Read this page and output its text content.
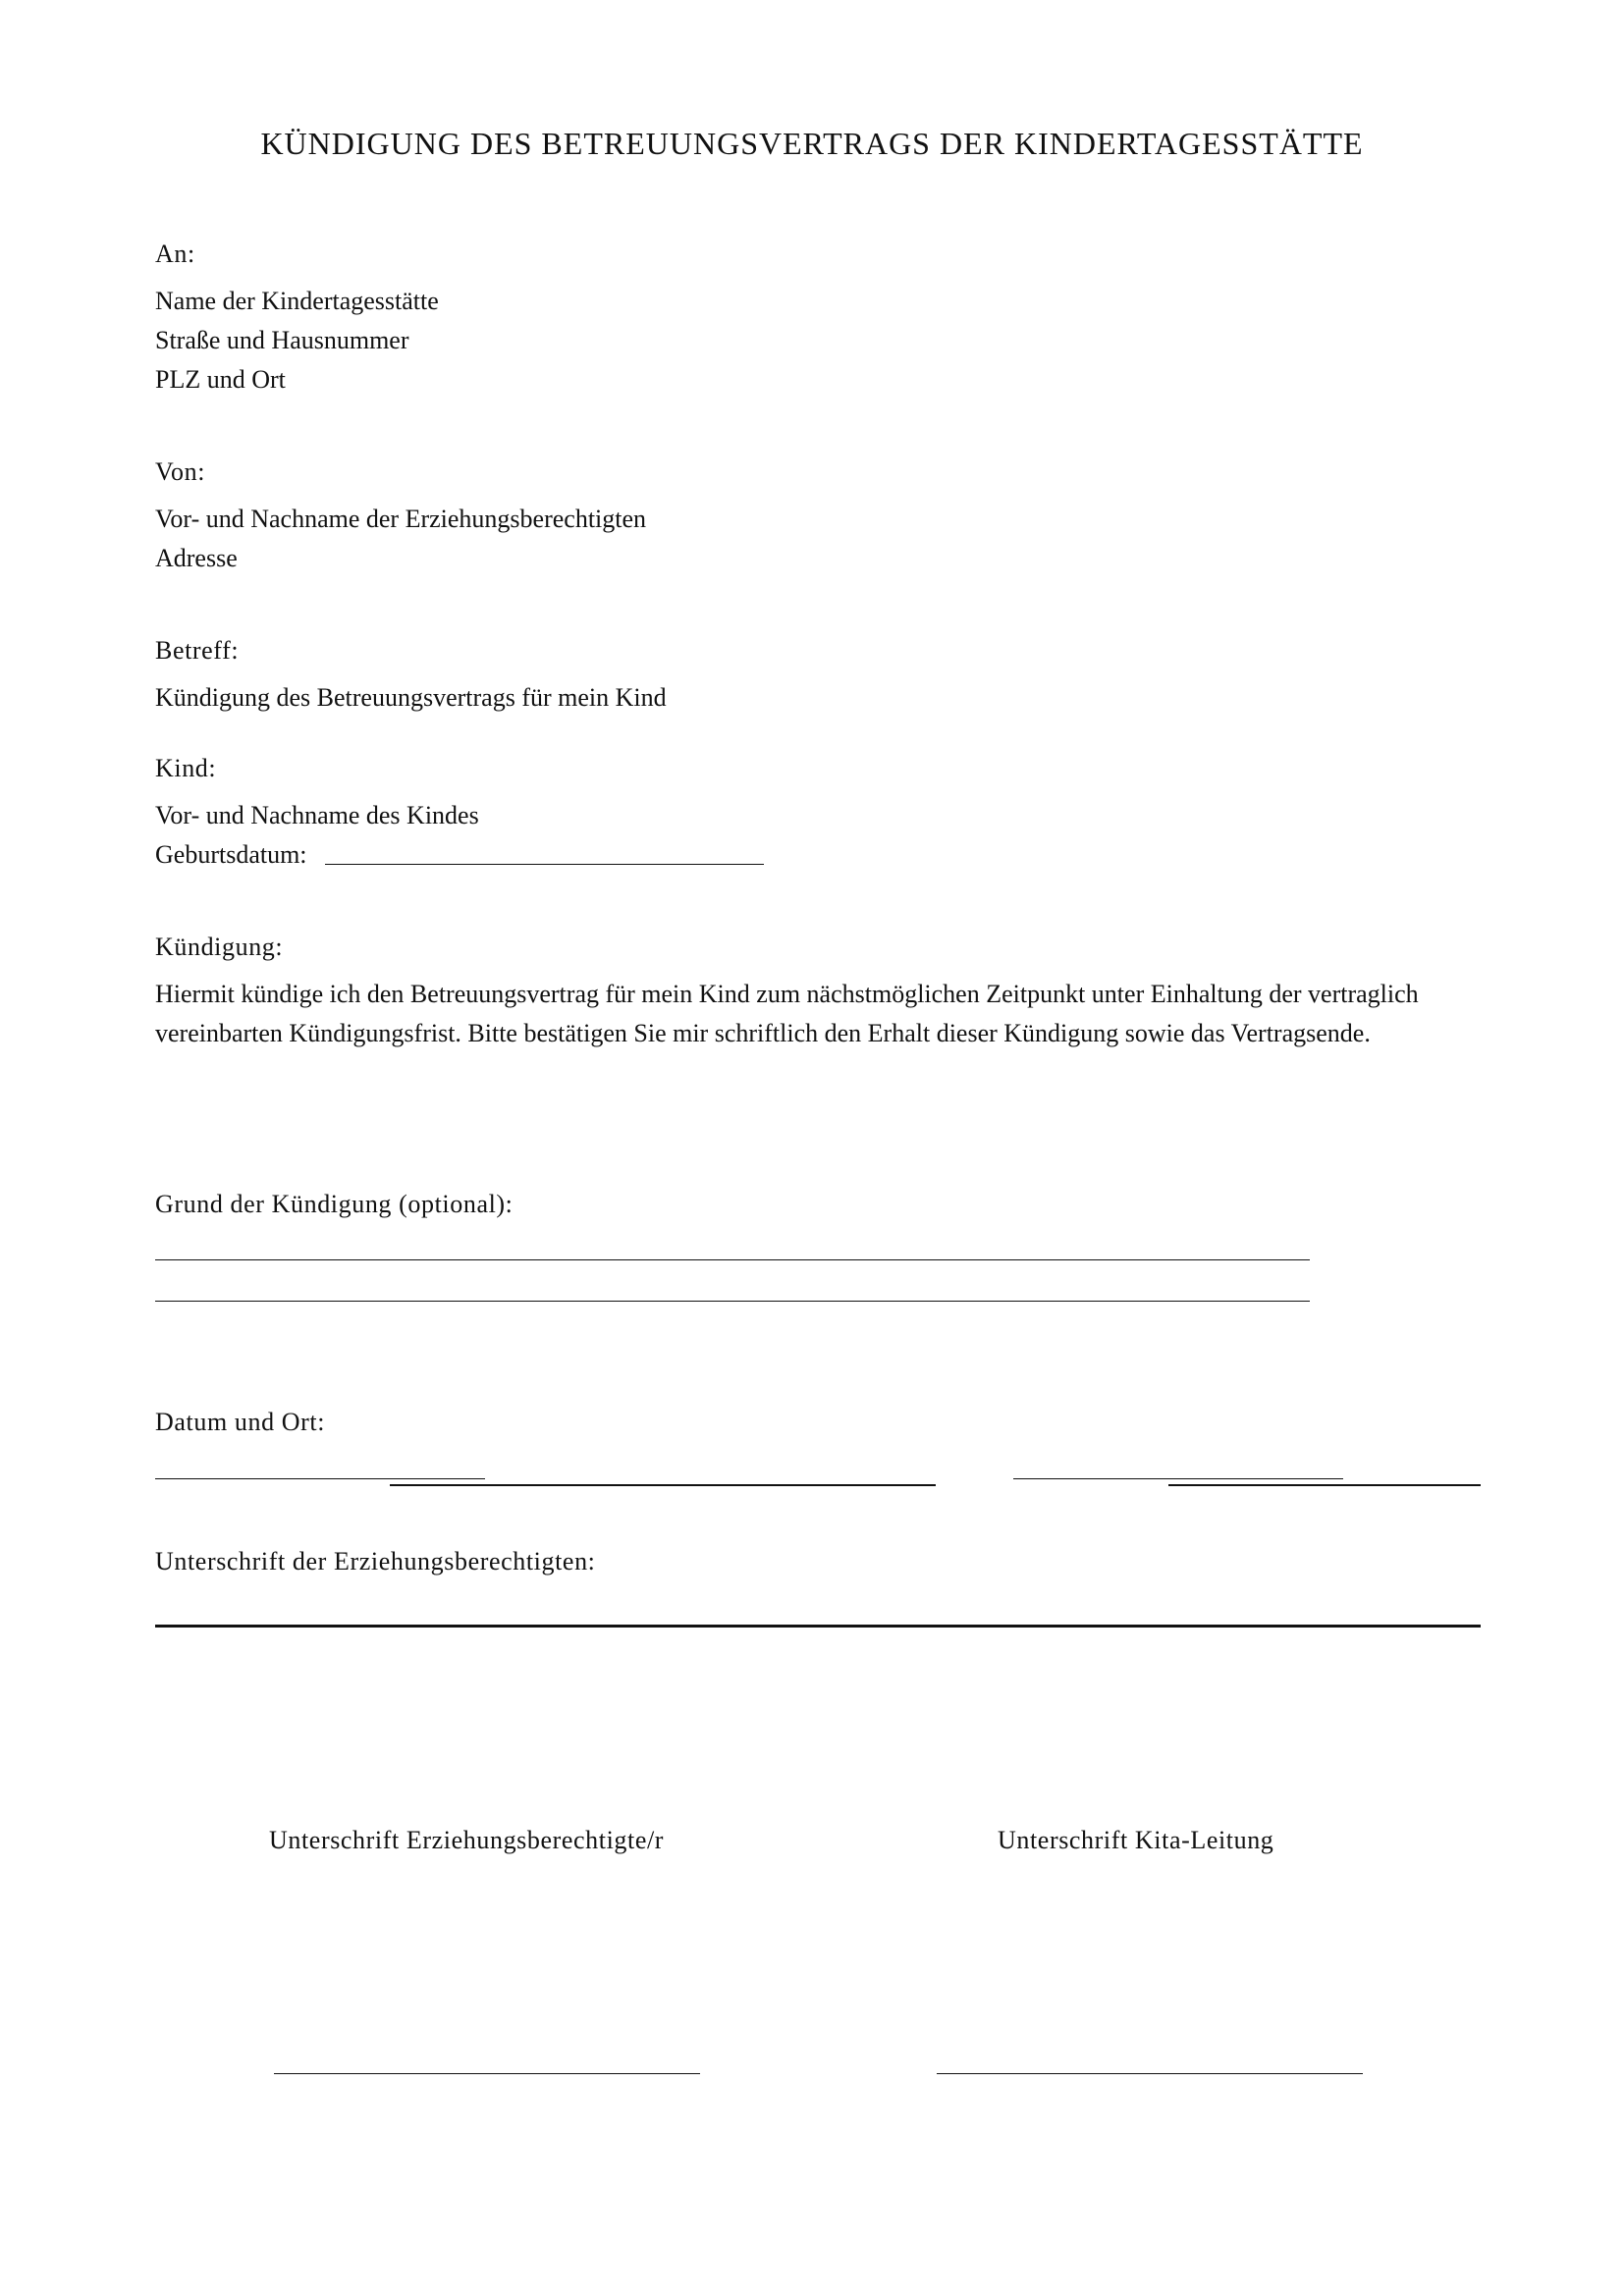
KÜNDIGUNG DES BETREUUNGSVERTRAGS DER KINDERTAGESSTÄTTE
An:
Name der Kindertagesstätte
Straße und Hausnummer
PLZ und Ort
Von:
Vor- und Nachname der Erziehungsberechtigten
Adresse
Betreff:
Kündigung des Betreuungsvertrags für mein Kind
Kind:
Vor- und Nachname des Kindes
Geburtsdatum:
Kündigung:
Hiermit kündige ich den Betreuungsvertrag für mein Kind zum nächstmöglichen Zeitpunkt unter Einhaltung der vertraglich vereinbarten Kündigungsfrist. Bitte bestätigen Sie mir schriftlich den Erhalt dieser Kündigung sowie das Vertragsende.
Grund der Kündigung (optional):
Datum und Ort:
Unterschrift der Erziehungsberechtigten:
Unterschrift Erziehungsberechtigte/r	Unterschrift Kita-Leitung
